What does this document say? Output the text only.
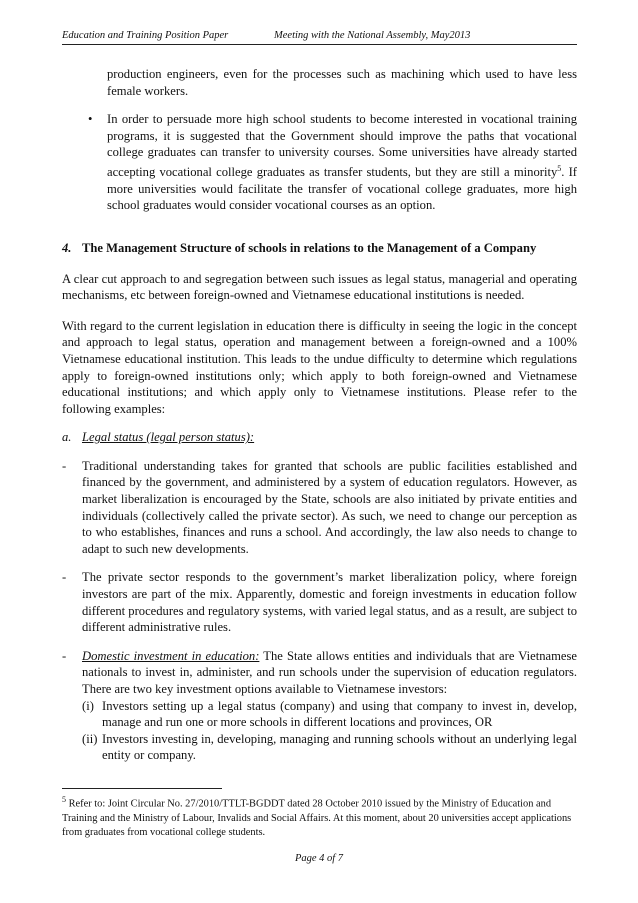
Education and Training Position Paper	Meeting with the National Assembly, May2013

production engineers, even for the processes such as machining which used to have less female workers.

• In order to persuade more high school students to become interested in vocational training programs, it is suggested that the Government should improve the paths that vocational college graduates can transfer to university courses. Some universities have already started accepting vocational college graduates as transfer students, but they are still a minority$^5$. If more universities would facilitate the transfer of vocational college graduates, more high school graduates would consider vocational courses as an option.

4. The Management Structure of schools in relations to the Management of a Company

A clear cut approach to and segregation between such issues as legal status, managerial and operating mechanisms, etc between foreign-owned and Vietnamese educational institutions is needed.

With regard to the current legislation in education there is difficulty in seeing the logic in the concept and approach to legal status, operation and management between a foreign-owned and a 100% Vietnamese educational institution. This leads to the undue difficulty to determine which regulations apply to foreign-owned institutions only; which apply to both foreign-owned and Vietnamese educational institutions; and which apply only to Vietnamese institutions. Please refer to the following examples:

a. Legal status (legal person status):

- Traditional understanding takes for granted that schools are public facilities established and financed by the government, and administered by a system of education regulators. However, as market liberalization is encouraged by the State, schools are also initiated by private entities and individuals (collectively called the private sector). As such, we need to change our perception as to who establishes, finances and runs a school. And accordingly, the law also needs to change to adapt to such new developments.

- The private sector responds to the government’s market liberalization policy, where foreign investors are part of the mix. Apparently, domestic and foreign investments in education follow different procedures and regulatory systems, with varied legal status, and as a result, are subject to different administrative rules.

- Domestic investment in education: The State allows entities and individuals that are Vietnamese nationals to invest in, administer, and run schools under the supervision of education regulators. There are two key investment options available to Vietnamese investors:

(i) Investors setting up a legal status (company) and using that company to invest in, develop, manage and run one or more schools in different locations and provinces, OR

(ii) Investors investing in, developing, managing and running schools without an underlying legal entity or company.

$^5$ Refer to: Joint Circular No. 27/2010/TTLT-BGDDT dated 28 October 2010 issued by the Ministry of Education and Training and the Ministry of Labour, Invalids and Social Affairs. At this moment, about 20 universities accept applications from graduates from vocational college students.
Page 4 of 7
